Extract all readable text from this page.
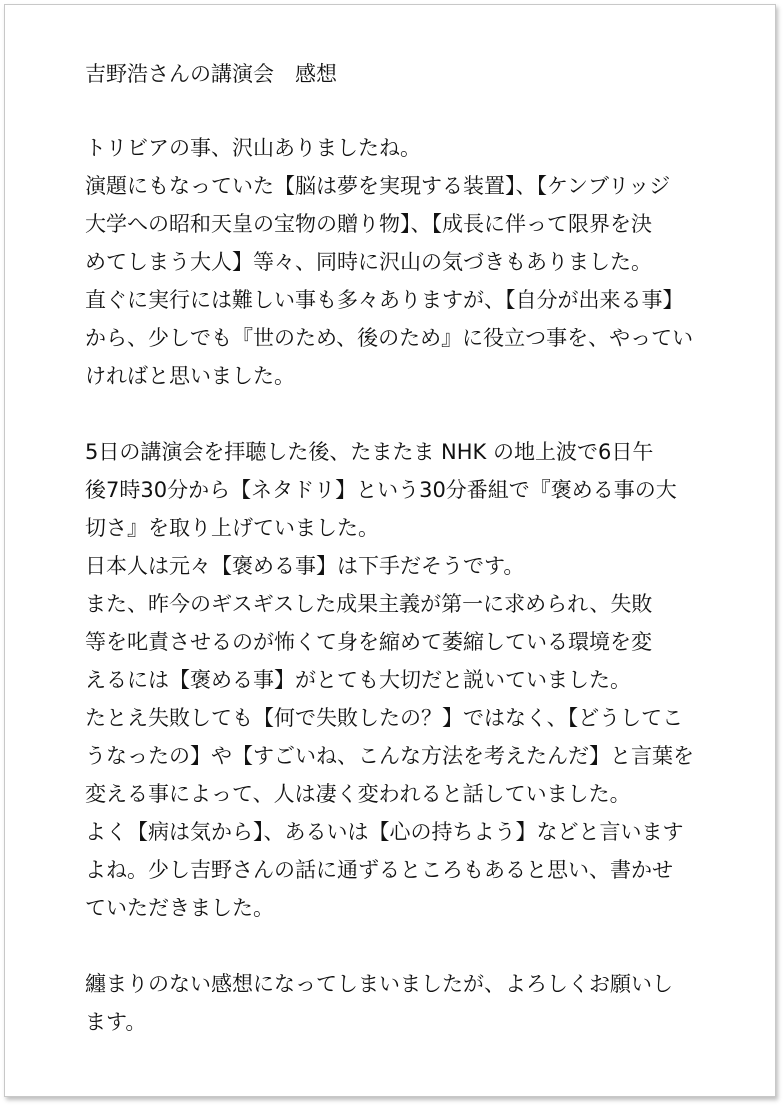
吉野浩さんの講演会　感想
トリビアの事、沢山ありましたね。
演題にもなっていた【脳は夢を実現する装置】、【ケンブリッジ
大学への昭和天皇の宝物の贈り物】、【成長に伴って限界を決
めてしまう大人】等々、同時に沢山の気づきもありました。
直ぐに実行には難しい事も多々ありますが、【自分が出来る事】
から、少しでも『世のため、後のため』に役立つ事を、やってい
ければと思いました。
5日の講演会を拝聴した後、たまたま NHK の地上波で6日午
後7時30分から【ネタドリ】という30分番組で『褒める事の大
切さ』を取り上げていました。
日本人は元々【褒める事】は下手だそうです。
また、昨今のギスギスした成果主義が第一に求められ、失敗
等を叱責させるのが怖くて身を縮めて萎縮している環境を変
えるには【褒める事】がとても大切だと説いていました。
たとえ失敗しても【何で失敗したの？】ではなく、【どうしてこ
うなったの】や【すごいね、こんな方法を考えたんだ】と言葉を
変える事によって、人は凄く変われると話していました。
よく【病は気から】、あるいは【心の持ちよう】などと言います
よね。少し吉野さんの話に通ずるところもあると思い、書かせ
ていただきました。
纏まりのない感想になってしまいましたが、よろしくお願いし
ます。
